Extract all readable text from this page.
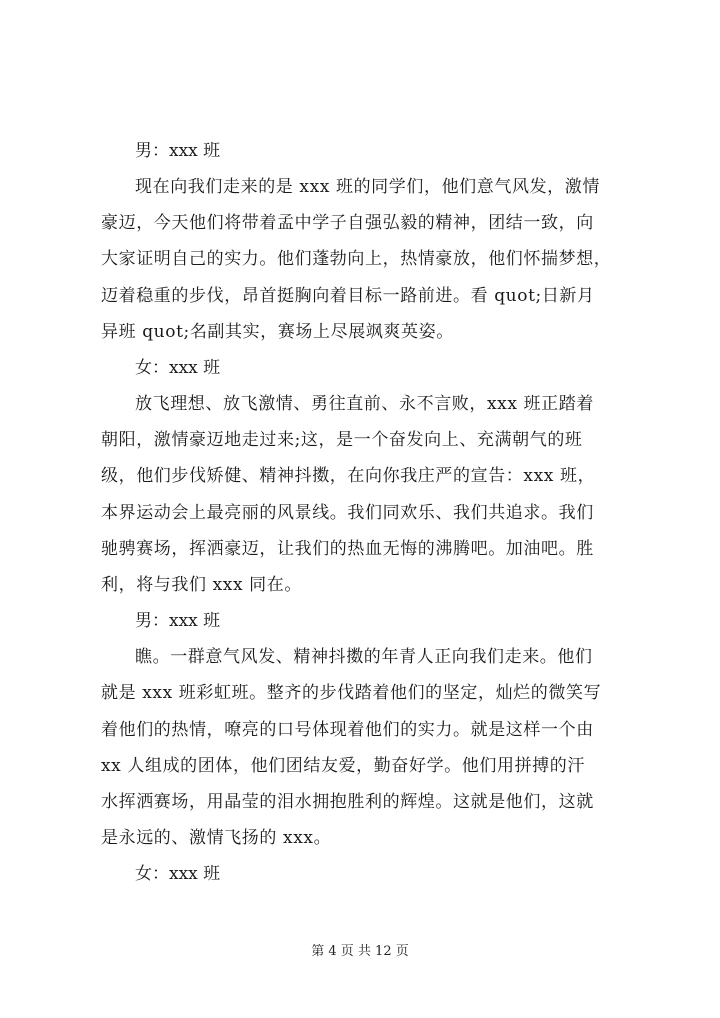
男：xxx 班

现在向我们走来的是 xxx 班的同学们，他们意气风发，激情
豪迈，今天他们将带着孟中学子自强弘毅的精神，团结一致，向
大家证明自己的实力。他们蓬勃向上，热情豪放，他们怀揣梦想，
迈着稳重的步伐，昂首挺胸向着目标一路前进。看 quot;日新月
异班 quot;名副其实，赛场上尽展飒爽英姿。

女：xxx 班

放飞理想、放飞激情、勇往直前、永不言败，xxx 班正踏着
朝阳，激情豪迈地走过来;这，是一个奋发向上、充满朝气的班
级，他们步伐矫健、精神抖擞，在向你我庄严的宣告：xxx 班，
本界运动会上最亮丽的风景线。我们同欢乐、我们共追求。我们
驰骋赛场，挥洒豪迈，让我们的热血无悔的沸腾吧。加油吧。胜
利，将与我们 xxx 同在。

男：xxx 班

瞧。一群意气风发、精神抖擞的年青人正向我们走来。他们
就是 xxx 班彩虹班。整齐的步伐踏着他们的坚定，灿烂的微笑写
着他们的热情，嘹亮的口号体现着他们的实力。就是这样一个由
xx 人组成的团体，他们团结友爱，勤奋好学。他们用拼搏的汗
水挥洒赛场，用晶莹的泪水拥抱胜利的辉煌。这就是他们，这就
是永远的、激情飞扬的 xxx。

女：xxx 班

第 4 页 共 12 页
